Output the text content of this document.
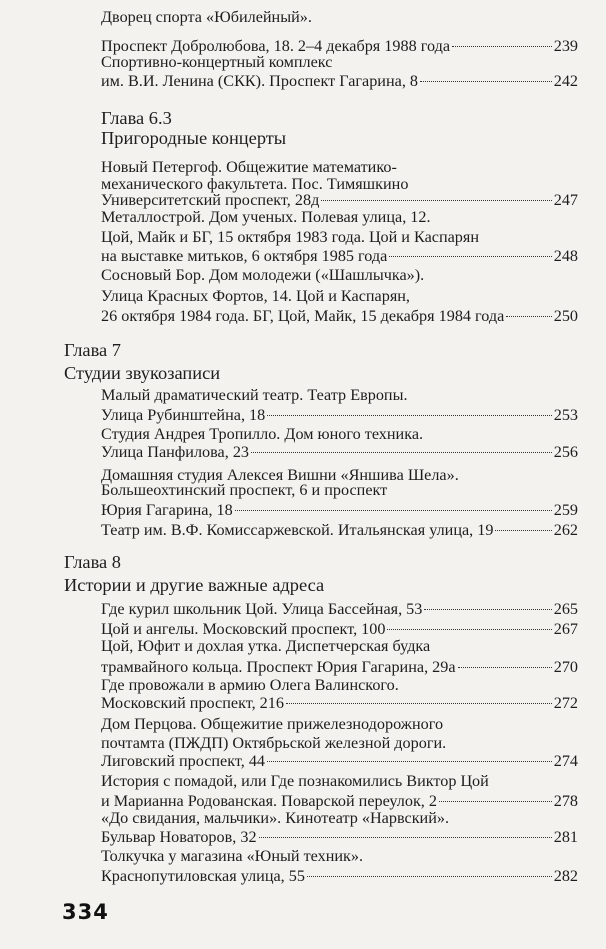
Дворец спорта «Юбилейный».
Проспект Добролюбова, 18. 2–4 декабря 1988 года	239
Спортивно-концертный комплекс
им. В.И. Ленина (СКК). Проспект Гагарина, 8	242
Глава 6.3
Пригородные концерты
Новый Петергоф. Общежитие математико-
механического факультета. Пос. Тимяшкино
Университетский проспект, 28д	247
Металлострой. Дом ученых. Полевая улица, 12.
Цой, Майк и БГ, 15 октября 1983 года. Цой и Каспарян
на выставке митьков, 6 октября 1985 года	248
Сосновый Бор. Дом молодежи («Шашлычка»).
Улица Красных Фортов, 14. Цой и Каспарян,
26 октября 1984 года. БГ, Цой, Майк, 15 декабря 1984 года	250
Глава 7
Студии звукозаписи
Малый драматический театр. Театр Европы.
Улица Рубинштейна, 18	253
Студия Андрея Тропилло. Дом юного техника.
Улица Панфилова, 23	256
Домашняя студия Алексея Вишни «Яншива Шела».
Большеохтинский проспект, 6 и проспект
Юрия Гагарина, 18	259
Театр им. В.Ф. Комиссаржевской. Итальянская улица, 19	262
Глава 8
Истории и другие важные адреса
Где курил школьник Цой. Улица Бассейная, 53	265
Цой и ангелы. Московский проспект, 100	267
Цой, Юфит и дохлая утка. Диспетчерская будка
трамвайного кольца. Проспект Юрия Гагарина, 29а	270
Где провожали в армию Олега Валинского.
Московский проспект, 216	272
Дом Перцова. Общежитие прижелезнодорожного
почтамта (ПЖДП) Октябрьской железной дороги.
Лиговский проспект, 44	274
История с помадой, или Где познакомились Виктор Цой
и Марианна Родованская. Поварской переулок, 2	278
«До свидания, мальчики». Кинотеатр «Нарвский».
Бульвар Новаторов, 32	281
Толкучка у магазина «Юный техник».
Краснопутиловская улица, 55	282
334
